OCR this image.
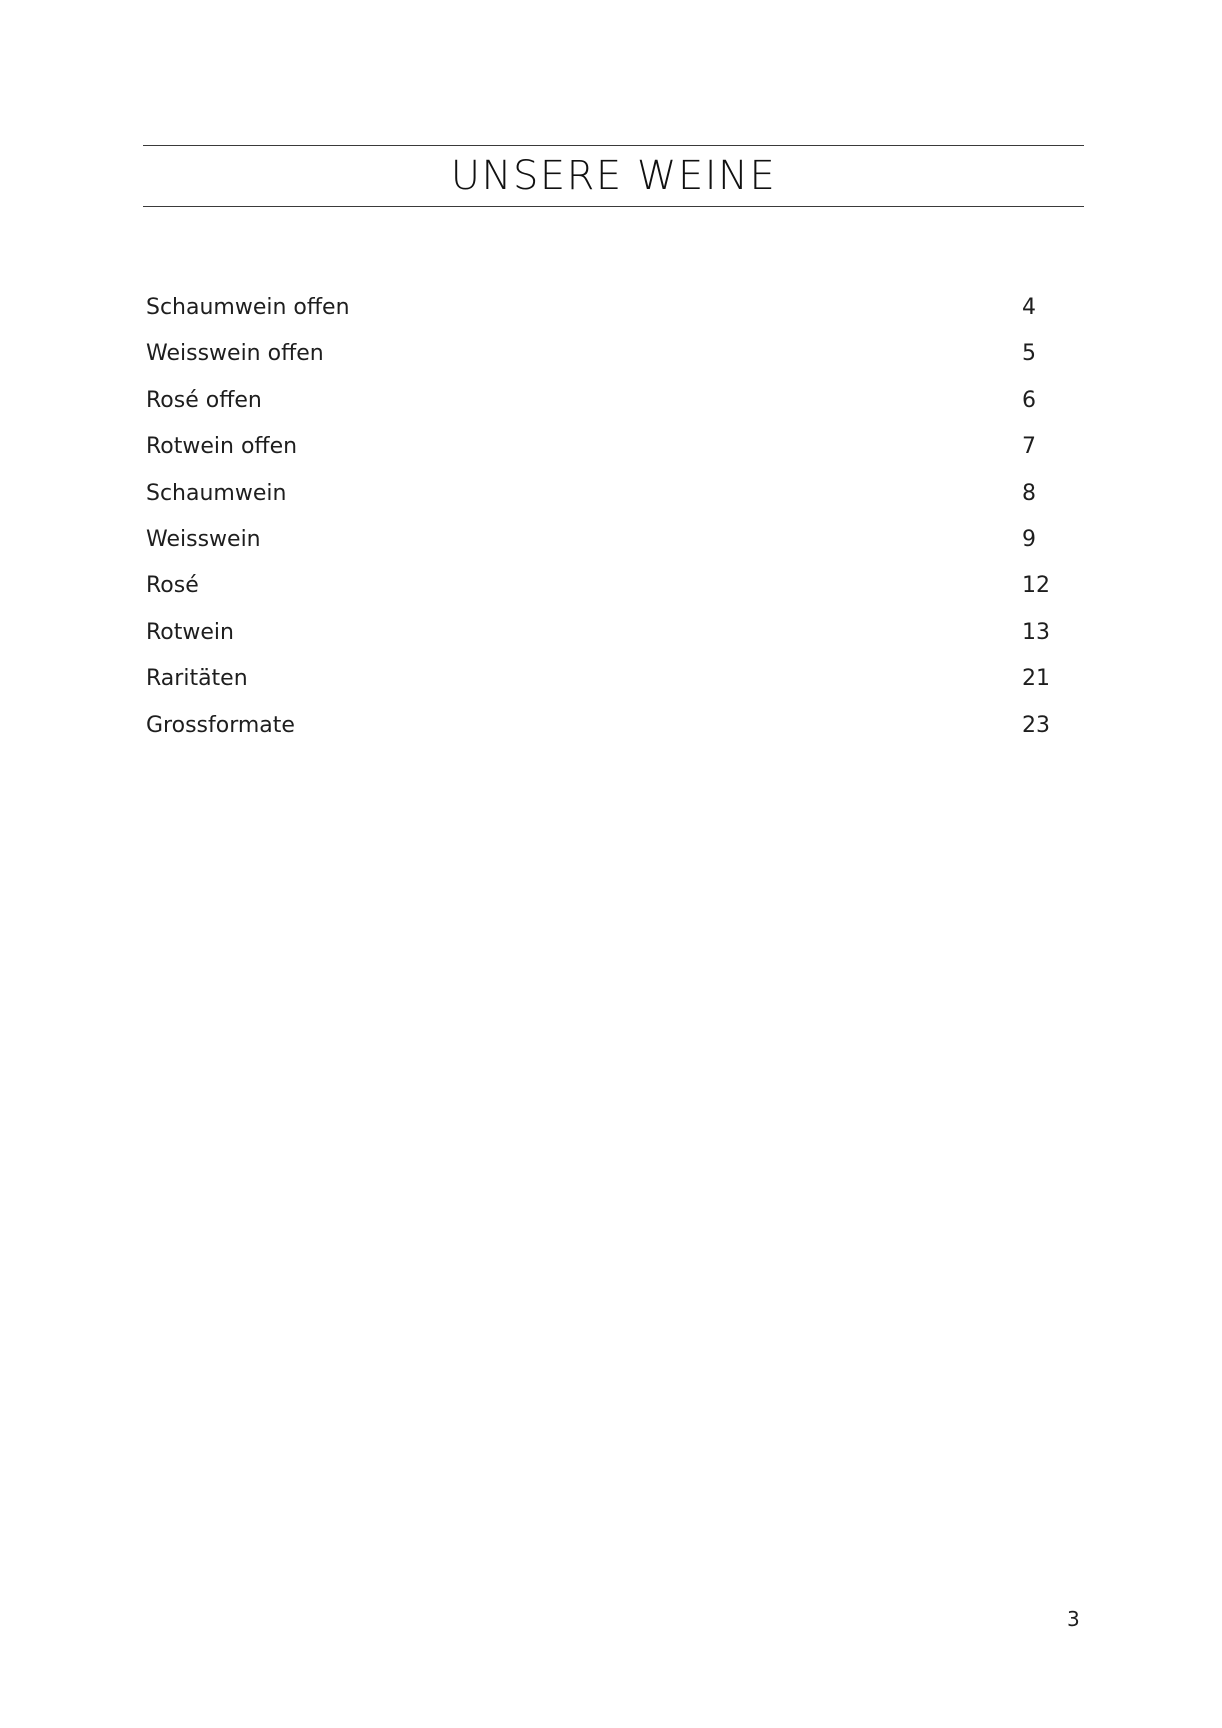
UNSERE WEINE
Schaumwein offen	4
Weisswein offen	5
Rosé offen	6
Rotwein offen	7
Schaumwein	8
Weisswein	9
Rosé	12
Rotwein	13
Raritäten	21
Grossformate	23
3
